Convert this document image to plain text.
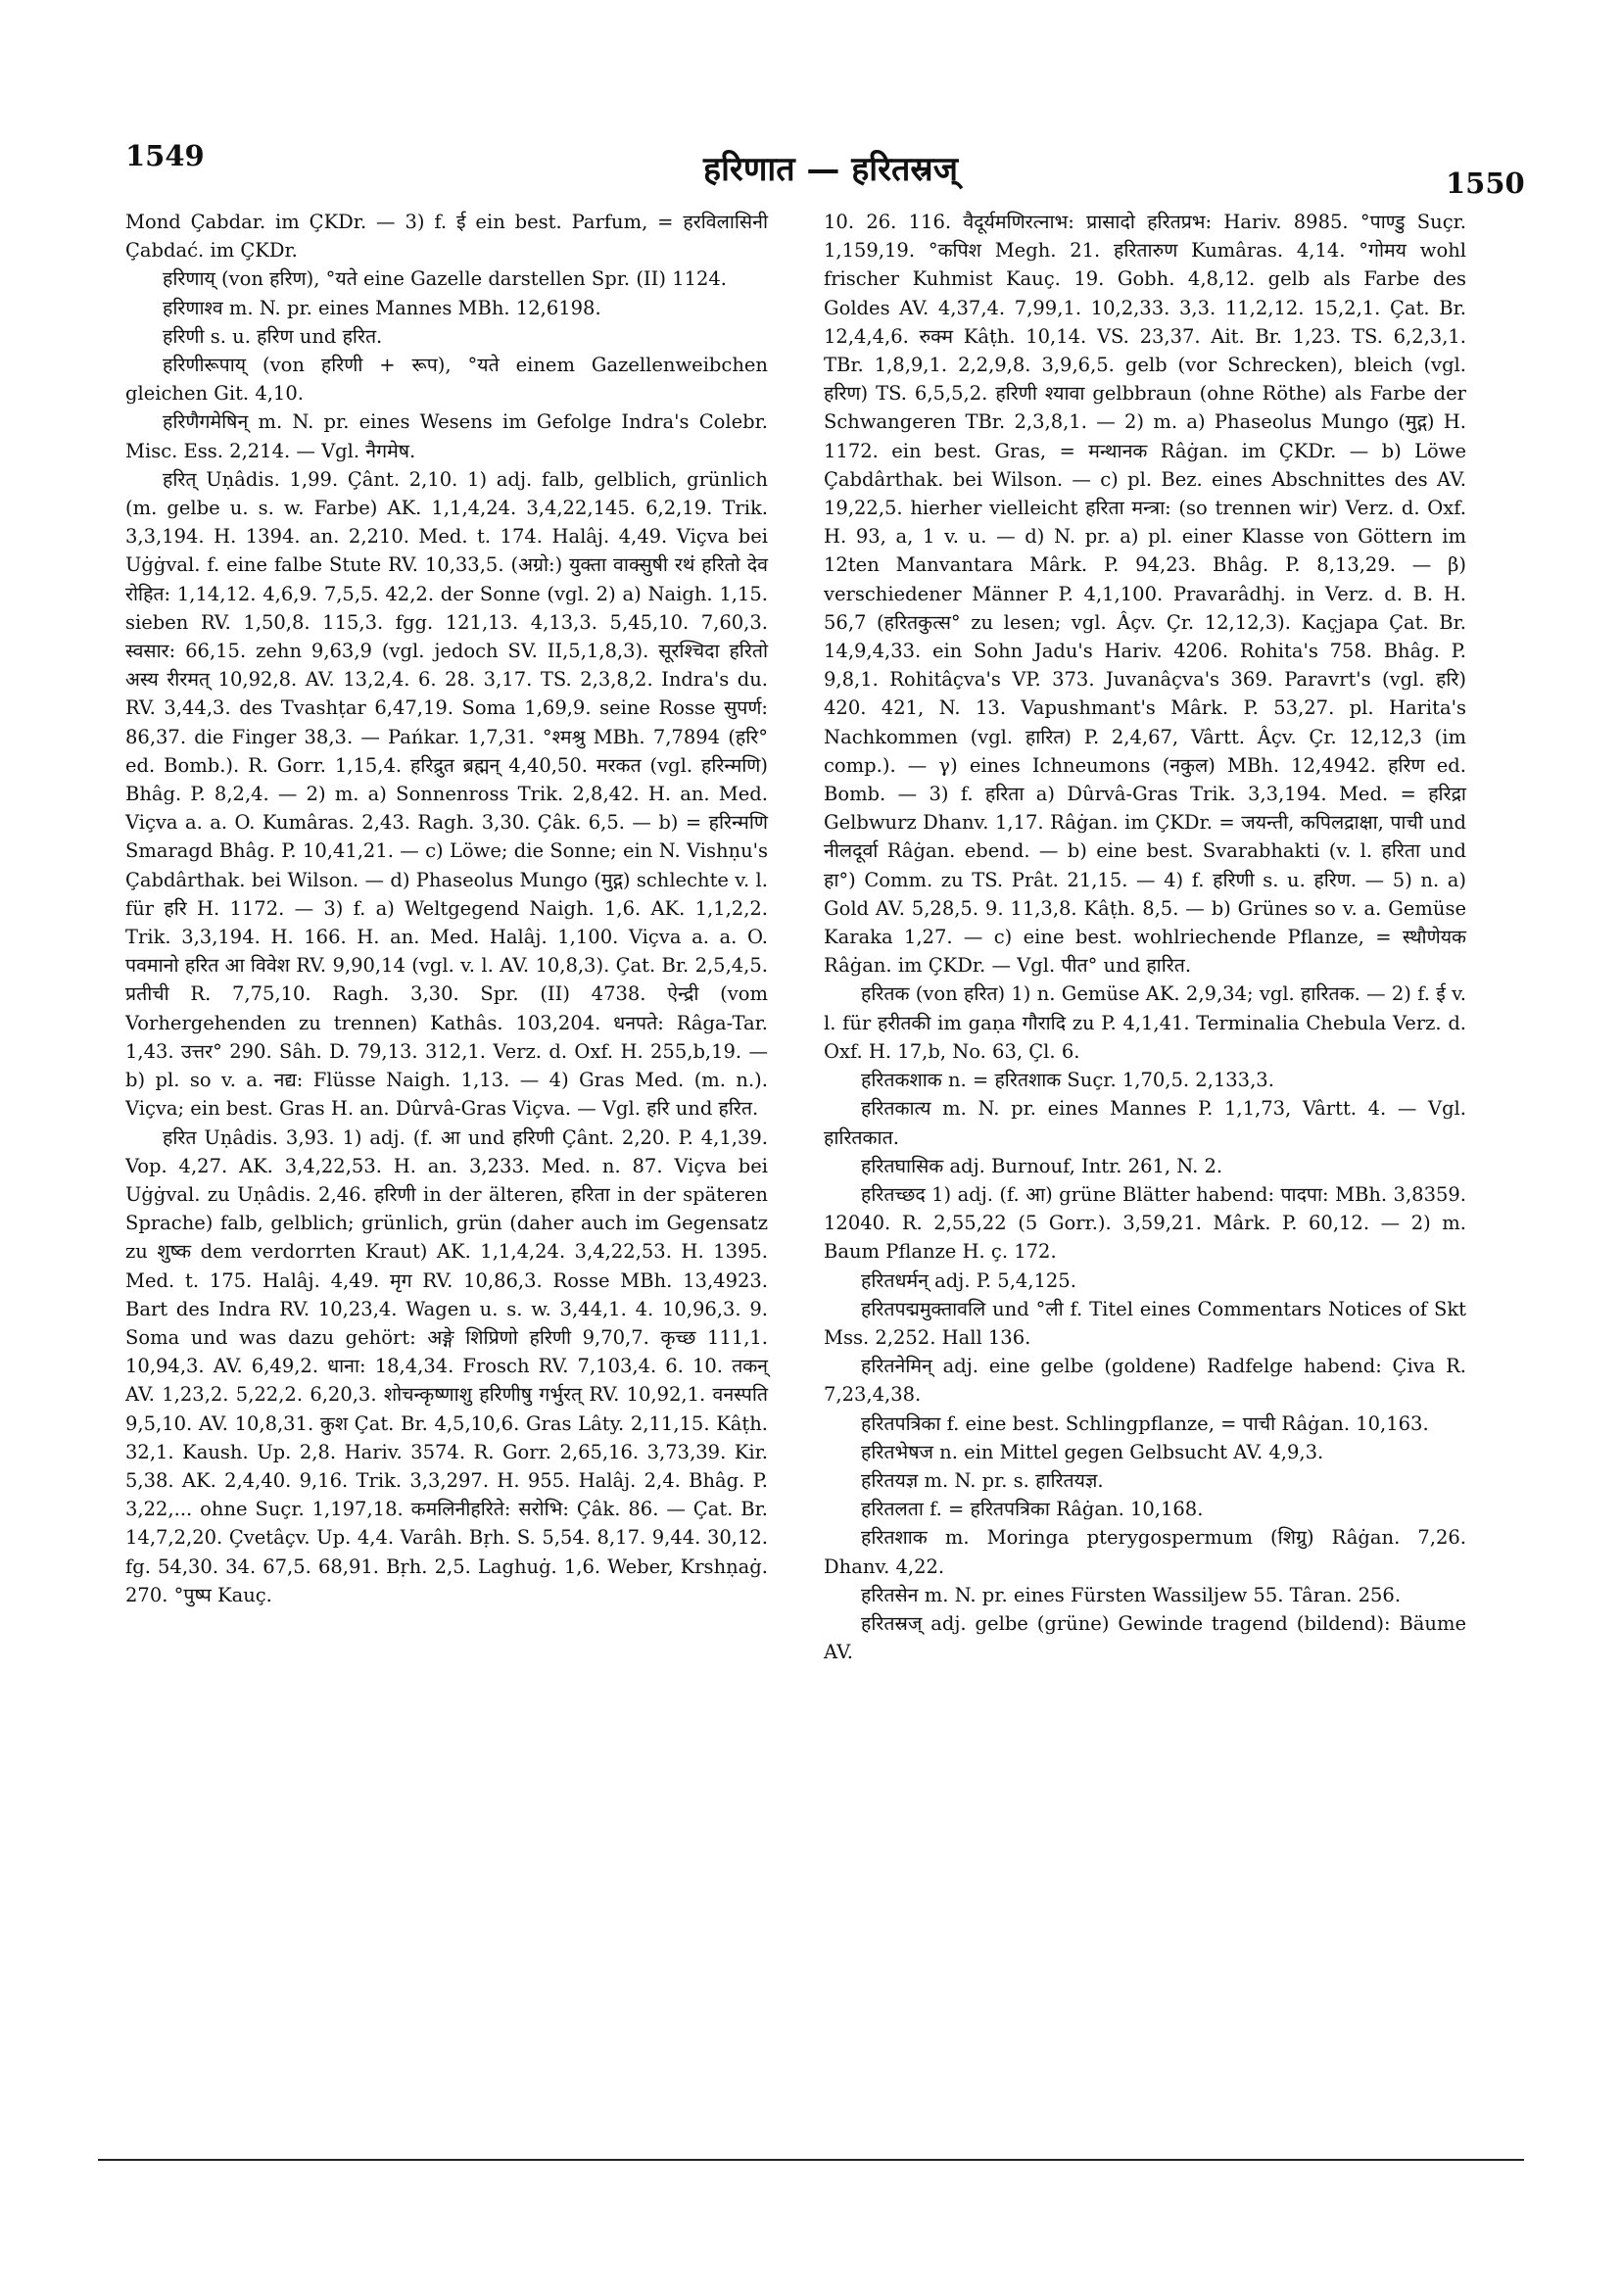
1549	हरिणात — हरितस्रज्	1550

Mond Çabdar. im ÇKDr. — 3) f. ई ein best. Parfum, = हरविलासिनी Çabdać. im ÇKDr.

हरिणाय् (von हरिण), °यते eine Gazelle darstellen Spr. (II) 1124.

हरिणाश्व m. N. pr. eines Mannes MBh. 12,6198.

हरिणी s. u. हरिण und हरित.

हरिणीरूपाय् (von हरिणी + रूप), °यते einem Gazellenweibchen gleichen Git. 4,10.

हरिणैगमेषिन् m. N. pr. eines Wesens im Gefolge Indra's Colebr. Misc. Ess. 2,214. — Vgl. नैगमेष.

हरित् Uṇâdis. 1,99. Çânt. 2,10. 1) adj. falb, gelblich, grünlich (m. gelbe u. s. w. Farbe) AK. 1,1,4,24. 3,4,22,145. 6,2,19. Trik. 3,3,194. H. 1394. an. 2,210. Med. t. 174. Halâj. 4,49. Viçva bei Uġġval. f. eine falbe Stute RV. 10,33,5. (अग्रो:) युक्ता वाक्सुषी रथं हरितो देव रोहित: 1,14,12. 4,6,9. 7,5,5. 42,2. der Sonne (vgl. 2) a) Naigh. 1,15. sieben RV. 1,50,8. 115,3. fgg. 121,13. 4,13,3. 5,45,10. 7,60,3. स्वसार: 66,15. zehn 9,63,9 (vgl. jedoch SV. II,5,1,8,3). सूरश्चिदा हरितो अस्य रीरमत् 10,92,8. AV. 13,2,4. 6. 28. 3,17. TS. 2,3,8,2. Indra's du. RV. 3,44,3. des Tvashṭar 6,47,19. Soma 1,69,9. seine Rosse सुपर्ण: 86,37. die Finger 38,3. — Pańkar. 1,7,31. °श्मश्रु MBh. 7,7894 (हरि° ed. Bomb.). R. Gorr. 1,15,4. हरिद्रुत ब्रह्मन् 4,40,50. मरकत (vgl. हरिन्मणि) Bhâg. P. 8,2,4. — 2) m. a) Sonnenross Trik. 2,8,42. H. an. Med. Viçva a. a. O. Kumâras. 2,43. Ragh. 3,30. Çâk. 6,5. — b) = हरिन्मणि Smaragd Bhâg. P. 10,41,21. — c) Löwe; die Sonne; ein N. Vishṇu's Çabdârthak. bei Wilson. — d) Phaseolus Mungo (मुद्ग) schlechte v. l. für हरि H. 1172. — 3) f. a) Weltgegend Naigh. 1,6. AK. 1,1,2,2. Trik. 3,3,194. H. 166. H. an. Med. Halâj. 1,100. Viçva a. a. O. पवमानो हरित आ विवेश RV. 9,90,14 (vgl. v. l. AV. 10,8,3). Çat. Br. 2,5,4,5. प्रतीची R. 7,75,10. Ragh. 3,30. Spr. (II) 4738. ऐन्द्री (vom Vorhergehenden zu trennen) Kathâs. 103,204. धनपते: Râga-Tar. 1,43. उत्तर° 290. Sâh. D. 79,13. 312,1. Verz. d. Oxf. H. 255,b,19. — b) pl. so v. a. नद्य: Flüsse Naigh. 1,13. — 4) Gras Med. (m. n.). Viçva; ein best. Gras H. an. Dûrvâ-Gras Viçva. — Vgl. हरि und हरित.

हरित Uṇâdis. 3,93. 1) adj. (f. आ und हरिणी Çânt. 2,20. P. 4,1,39. Vop. 4,27. AK. 3,4,22,53. H. an. 3,233. Med. n. 87. Viçva bei Uġġval. zu Uṇâdis. 2,46. हरिणी in der älteren, हरिता in der späteren Sprache) falb, gelblich; grünlich, grün (daher auch im Gegensatz zu शुष्क dem verdorrten Kraut) AK. 1,1,4,24. 3,4,22,53. H. 1395. Med. t. 175. Halâj. 4,49. मृग RV. 10,86,3. Rosse MBh. 13,4923. Bart des Indra RV. 10,23,4. Wagen u. s. w. 3,44,1. 4. 10,96,3. 9. Soma und was dazu gehört: अङ्गे शिप्रिणो हरिणी 9,70,7. कृच्छ 111,1. 10,94,3. AV. 6,49,2. धाना: 18,4,34. Frosch RV. 7,103,4. 6. 10. तकन् AV. 1,23,2. 5,22,2. 6,20,3. शोचन्कृष्णाशु हरिणीषु गर्भुरत् RV. 10,92,1. वनस्पति 9,5,10. AV. 10,8,31. कुश Çat. Br. 4,5,10,6. Gras Lâty. 2,11,15. Kâṭh. 32,1. Kaush. Up. 2,8. Hariv. 3574. R. Gorr. 2,65,16. 3,73,39. Kir. 5,38. AK. 2,4,40. 9,16. Trik. 3,3,297. H. 955. Halâj. 2,4. Bhâg. P. 3,22,... ohne Suçr. 1,197,18. कमलिनीहरिते: सरोभि: Çâk. 86. — Çat. Br. 14,7,2,20. Çvetâçv. Up. 4,4. Varâh. Bṛh. S. 5,54. 8,17. 9,44. 30,12. fg. 54,30. 34. 67,5. 68,91. Bṛh. 2,5. Laghuġ. 1,6. Weber, Krshṇaġ. 270. °पुष्प Kauç.

10. 26. 116. वैदूर्यमणिरत्नाभ: प्रासादो हरितप्रभ: Hariv. 8985. °पाण्डु Suçr. 1,159,19. °कपिश Megh. 21. हरितारुण Kumâras. 4,14. °गोमय wohl frischer Kuhmist Kauç. 19. Gobh. 4,8,12. gelb als Farbe des Goldes AV. 4,37,4. 7,99,1. 10,2,33. 3,3. 11,2,12. 15,2,1. Çat. Br. 12,4,4,6. रुक्म Kâṭh. 10,14. VS. 23,37. Ait. Br. 1,23. TS. 6,2,3,1. TBr. 1,8,9,1. 2,2,9,8. 3,9,6,5. gelb (vor Schrecken), bleich (vgl. हरिण) TS. 6,5,5,2. हरिणी श्यावा gelbbraun (ohne Röthe) als Farbe der Schwangeren TBr. 2,3,8,1. — 2) m. a) Phaseolus Mungo (मुद्ग) H. 1172. ein best. Gras, = मन्थानक Râġan. im ÇKDr. — b) Löwe Çabdârthak. bei Wilson. — c) pl. Bez. eines Abschnittes des AV. 19,22,5. hierher vielleicht हरिता मन्त्रा: (so trennen wir) Verz. d. Oxf. H. 93, a, 1 v. u. — d) N. pr. a) pl. einer Klasse von Göttern im 12ten Manvantara Mârk. P. 94,23. Bhâg. P. 8,13,29. — β) verschiedener Männer P. 4,1,100. Pravarâdhj. in Verz. d. B. H. 56,7 (हरितकुत्स° zu lesen; vgl. Âçv. Çr. 12,12,3). Kaçjapa Çat. Br. 14,9,4,33. ein Sohn Jadu's Hariv. 4206. Rohita's 758. Bhâg. P. 9,8,1. Rohitâçva's VP. 373. Juvanâçva's 369. Paravrt's (vgl. हरि) 420. 421, N. 13. Vapushmant's Mârk. P. 53,27. pl. Harita's Nachkommen (vgl. हारित) P. 2,4,67, Vârtt. Âçv. Çr. 12,12,3 (im comp.). — γ) eines Ichneumons (नकुल) MBh. 12,4942. हरिण ed. Bomb. — 3) f. हरिता a) Dûrvâ-Gras Trik. 3,3,194. Med. = हरिद्रा Gelbwurz Dhanv. 1,17. Râġan. im ÇKDr. = जयन्ती, कपिलद्राक्षा, पाची und नीलदूर्वा Râġan. ebend. — b) eine best. Svarabhakti (v. l. हरिता und हा°) Comm. zu TS. Prât. 21,15. — 4) f. हरिणी s. u. हरिण. — 5) n. a) Gold AV. 5,28,5. 9. 11,3,8. Kâṭh. 8,5. — b) Grünes so v. a. Gemüse Karaka 1,27. — c) eine best. wohlriechende Pflanze, = स्थौणेयक Râġan. im ÇKDr. — Vgl. पीत° und हारित.

हरितक (von हरित) 1) n. Gemüse AK. 2,9,34; vgl. हारितक. — 2) f. ई v. l. für हरीतकी im gaṇa गौरादि zu P. 4,1,41. Terminalia Chebula Verz. d. Oxf. H. 17,b, No. 63, Çl. 6.

हरितकशाक n. = हरितशाक Suçr. 1,70,5. 2,133,3.

हरितकात्य m. N. pr. eines Mannes P. 1,1,73, Vârtt. 4. — Vgl. हारितकात.

हरितघासिक adj. Burnouf, Intr. 261, N. 2.

हरितच्छद 1) adj. (f. आ) grüne Blätter habend: पादपा: MBh. 3,8359. 12040. R. 2,55,22 (5 Gorr.). 3,59,21. Mârk. P. 60,12. — 2) m. Baum Pflanze H. ç. 172.

हरितधर्मन् adj. P. 5,4,125.

हरितपद्ममुक्तावलि und °ली f. Titel eines Commentars Notices of Skt Mss. 2,252. Hall 136.

हरितनेमिन् adj. eine gelbe (goldene) Radfelge habend: Çiva R. 7,23,4,38.

हरितपत्रिका f. eine best. Schlingpflanze, = पाची Râġan. 10,163.

हरितभेषज n. ein Mittel gegen Gelbsucht AV. 4,9,3.

हरितयज्ञ m. N. pr. s. हारितयज्ञ.

हरितलता f. = हरितपत्रिका Râġan. 10,168.

हरितशाक m. Moringa pterygospermum (शिग्रु) Râġan. 7,26. Dhanv. 4,22.

हरितसेन m. N. pr. eines Fürsten Wassiljew 55. Târan. 256.

हरितस्रज् adj. gelbe (grüne) Gewinde tragend (bildend): Bäume AV.
